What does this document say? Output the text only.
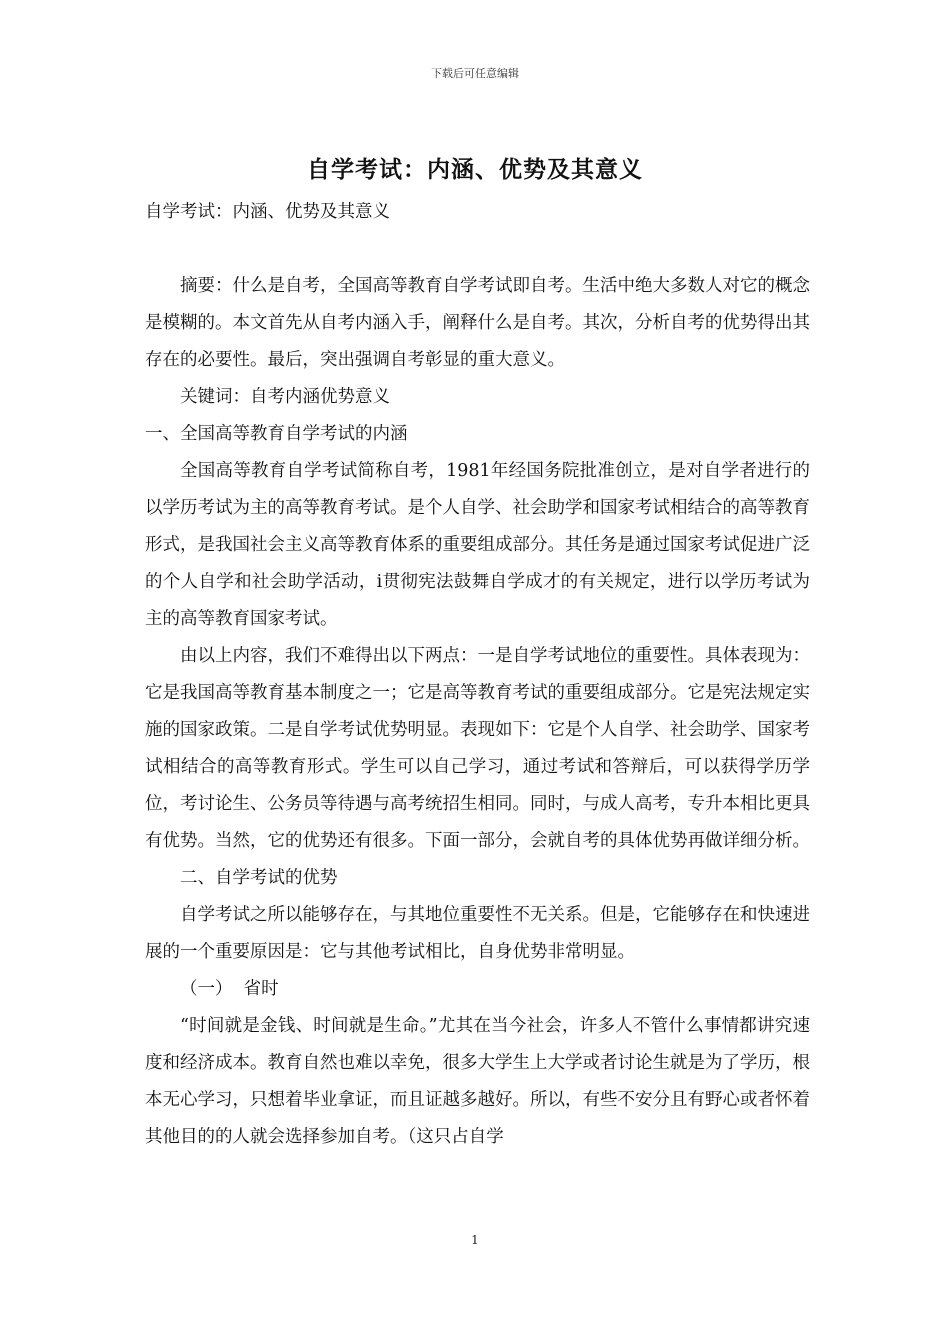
下载后可任意编辑
自学考试：内涵、优势及其意义

自学考试：内涵、优势及其意义

摘要：什么是自考，全国高等教育自学考试即自考。生活中绝大多数人对它的概念是模糊的。本文首先从自考内涵入手，阐释什么是自考。其次，分析自考的优势得出其存在的必要性。最后，突出强调自考彰显的重大意义。

关键词：自考内涵优势意义

一、全国高等教育自学考试的内涵

全国高等教育自学考试简称自考，1981年经国务院批准创立，是对自学者进行的以学历考试为主的高等教育考试。是个人自学、社会助学和国家考试相结合的高等教育形式，是我国社会主义高等教育体系的重要组成部分。其任务是通过国家考试促进广泛的个人自学和社会助学活动，i贯彻宪法鼓舞自学成才的有关规定，进行以学历考试为主的高等教育国家考试。

由以上内容，我们不难得出以下两点：一是自学考试地位的重要性。具体表现为：它是我国高等教育基本制度之一；它是高等教育考试的重要组成部分。它是宪法规定实施的国家政策。二是自学考试优势明显。表现如下：它是个人自学、社会助学、国家考试相结合的高等教育形式。学生可以自己学习，通过考试和答辩后，可以获得学历学位，考讨论生、公务员等待遇与高考统招生相同。同时，与成人高考，专升本相比更具有优势。当然，它的优势还有很多。下面一部分，会就自考的具体优势再做详细分析。

二、自学考试的优势

自学考试之所以能够存在，与其地位重要性不无关系。但是，它能够存在和快速进展的一个重要原因是：它与其他考试相比，自身优势非常明显。

（一）  省时

“时间就是金钱、时间就是生命。”尤其在当今社会，许多人不管什么事情都讲究速度和经济成本。教育自然也难以幸免，很多大学生上大学或者讨论生就是为了学历，根本无心学习，只想着毕业拿证，而且证越多越好。所以，有些不安分且有野心或者怀着其他目的的人就会选择参加自考。（这只占自学

1
